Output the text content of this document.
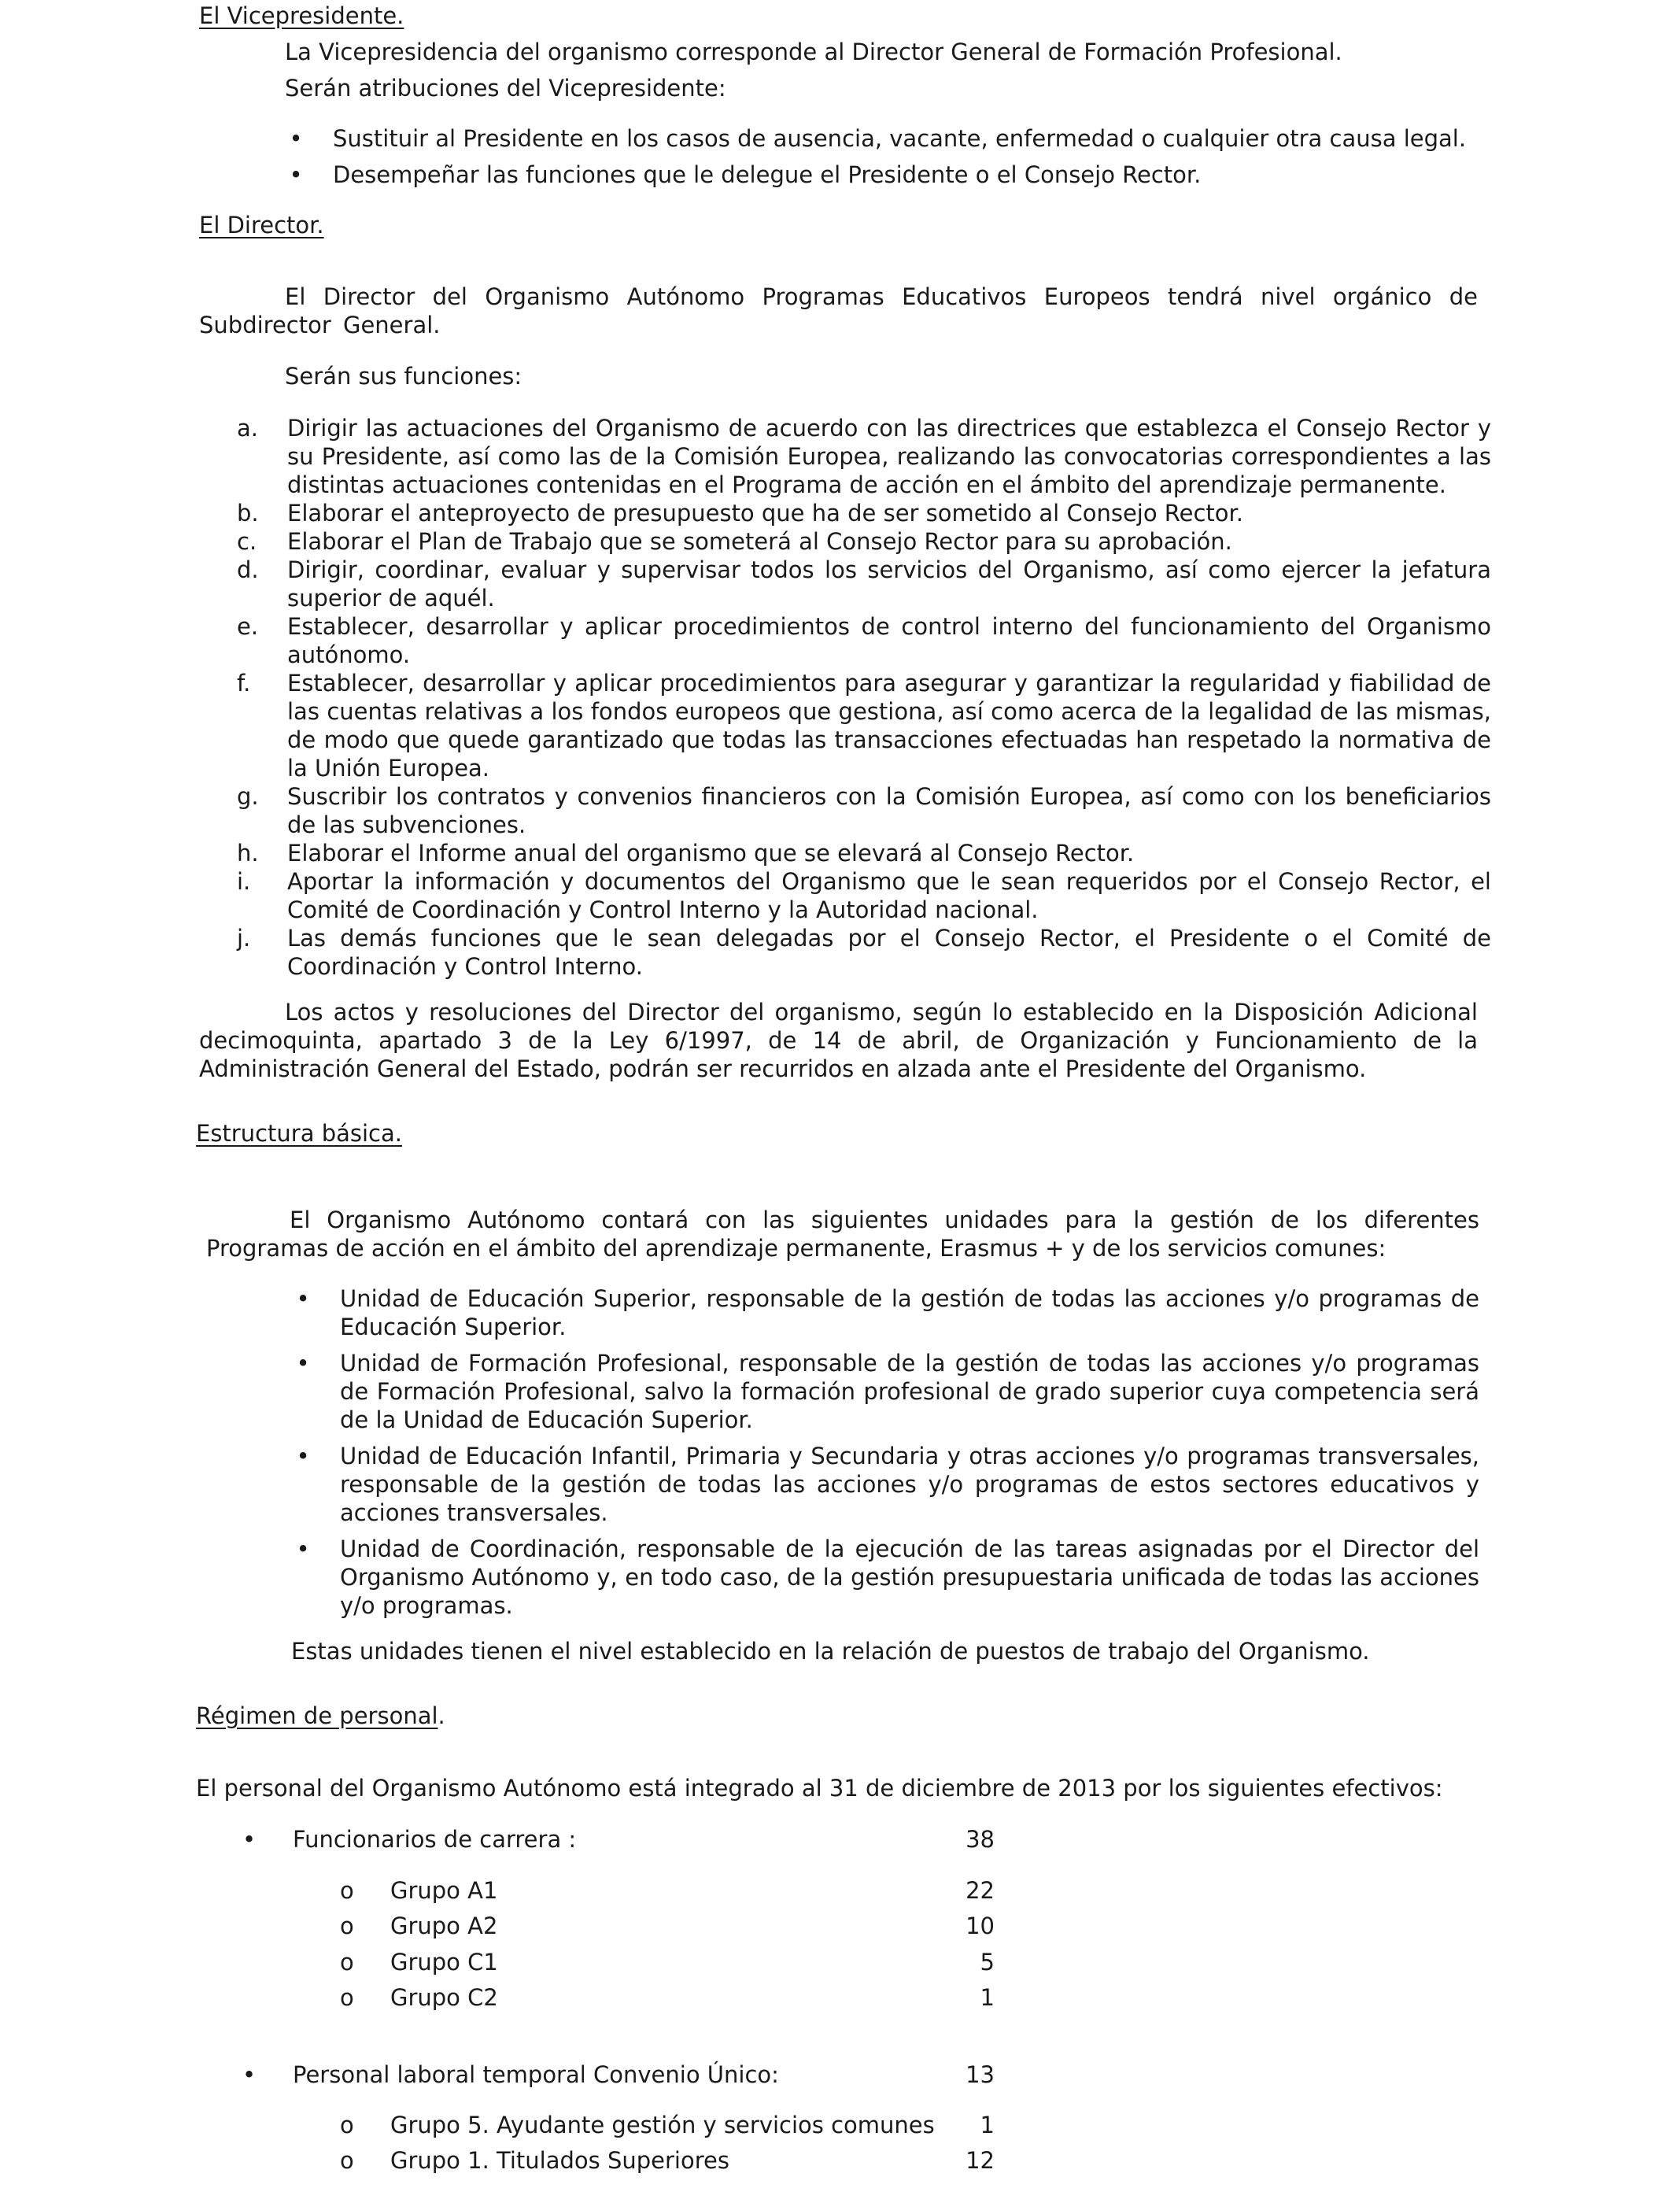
El Vicepresidente.
La Vicepresidencia del organismo corresponde al Director General de Formación Profesional.
Serán atribuciones del Vicepresidente:
• Sustituir al Presidente en los casos de ausencia, vacante, enfermedad o cualquier otra causa legal.
• Desempeñar las funciones que le delegue el Presidente o el Consejo Rector.
El Director.
El Director del Organismo Autónomo Programas Educativos Europeos tendrá nivel orgánico de Subdirector General.
Serán sus funciones:
a.	Dirigir las actuaciones del Organismo de acuerdo con las directrices que establezca el Consejo Rector y su Presidente, así como las de la Comisión Europea, realizando las convocatorias correspondientes a las distintas actuaciones contenidas en el Programa de acción en el ámbito del aprendizaje permanente.
b.	Elaborar el anteproyecto de presupuesto que ha de ser sometido al Consejo Rector.
c.	Elaborar el Plan de Trabajo que se someterá al Consejo Rector para su aprobación.
d.	Dirigir, coordinar, evaluar y supervisar todos los servicios del Organismo, así como ejercer la jefatura superior de aquél.
e.	Establecer, desarrollar y aplicar procedimientos de control interno del funcionamiento del Organismo autónomo.
f.	Establecer, desarrollar y aplicar procedimientos para asegurar y garantizar la regularidad y fiabilidad de las cuentas relativas a los fondos europeos que gestiona, así como acerca de la legalidad de las mismas, de modo que quede garantizado que todas las transacciones efectuadas han respetado la normativa de la Unión Europea.
g.	Suscribir los contratos y convenios financieros con la Comisión Europea, así como con los beneficiarios de las subvenciones.
h.	Elaborar el Informe anual del organismo que se elevará al Consejo Rector.
i.	Aportar la información y documentos del Organismo que le sean requeridos por el Consejo Rector, el Comité de Coordinación y Control Interno y la Autoridad nacional.
j.	Las demás funciones que le sean delegadas por el Consejo Rector, el Presidente o el Comité de Coordinación y Control Interno.
Los actos y resoluciones del Director del organismo, según lo establecido en la Disposición Adicional decimoquinta, apartado 3 de la Ley 6/1997, de 14 de abril, de Organización y Funcionamiento de la Administración General del Estado, podrán ser recurridos en alzada ante el Presidente del Organismo.
Estructura básica.
El Organismo Autónomo contará con las siguientes unidades para la gestión de los diferentes Programas de acción en el ámbito del aprendizaje permanente, Erasmus + y de los servicios comunes:
• Unidad de Educación Superior, responsable de la gestión de todas las acciones y/o programas de Educación Superior.
• Unidad de Formación Profesional, responsable de la gestión de todas las acciones y/o programas de Formación Profesional, salvo la formación profesional de grado superior cuya competencia será de la Unidad de Educación Superior.
• Unidad de Educación Infantil, Primaria y Secundaria y otras acciones y/o programas transversales, responsable de la gestión de todas las acciones y/o programas de estos sectores educativos y acciones transversales.
• Unidad de Coordinación, responsable de la ejecución de las tareas asignadas por el Director del Organismo Autónomo y, en todo caso, de la gestión presupuestaria unificada de todas las acciones y/o programas.
Estas unidades tienen el nivel establecido en la relación de puestos de trabajo del Organismo.
Régimen de personal.
El personal del Organismo Autónomo está integrado al 31 de diciembre de 2013 por los siguientes efectivos:
• Funcionarios de carrera :	38
o Grupo A1	22
o Grupo A2	10
o Grupo C1	5
o Grupo C2	1
• Personal laboral temporal Convenio Único:	13
o Grupo 5. Ayudante gestión y servicios comunes	1
o Grupo 1. Titulados Superiores	12
